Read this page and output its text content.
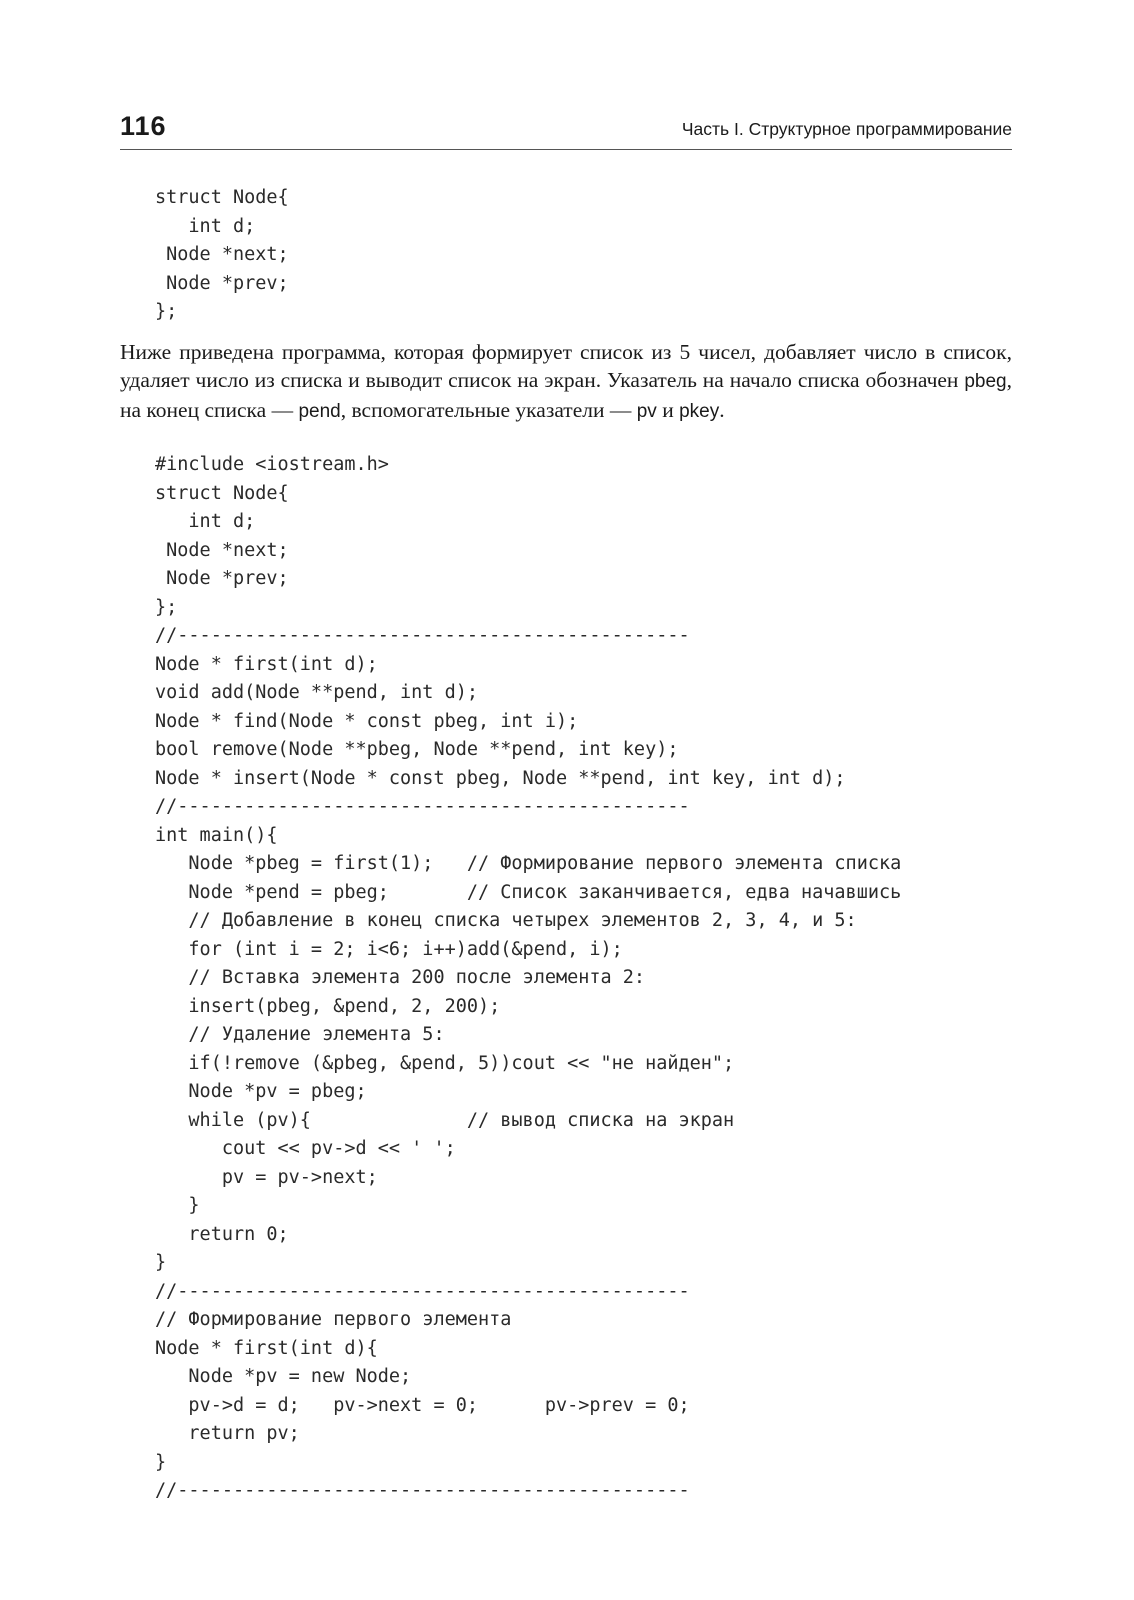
116	Часть I. Структурное программирование
struct Node{
int d;
Node *next;
Node *prev;
};

Ниже приведена программа, которая формирует список из 5 чисел, добавляет число в список, удаляет число из списка и выводит список на экран. Указатель на начало списка обозначен pbeg, на конец списка — pend, вспомогательные указатели — pv и pkey.

#include <iostream.h>
struct Node{
int d;
Node *next;
Node *prev;
};
//----------------------------------------------
Node * first(int d);
void add(Node **pend, int d);
Node * find(Node * const pbeg, int i);
bool remove(Node **pbeg, Node **pend, int key);
Node * insert(Node * const pbeg, Node **pend, int key, int d);
//----------------------------------------------
int main(){
Node *pbeg = first(1);   // Формирование первого элемента списка
Node *pend = pbeg;       // Список заканчивается, едва начавшись
// Добавление в конец списка четырех элементов 2, 3, 4, и 5:
for (int i = 2; i<6; i++)add(&pend, i);
// Вставка элемента 200 после элемента 2:
insert(pbeg, &pend, 2, 200);
// Удаление элемента 5:
if(!remove (&pbeg, &pend, 5))cout << "не найден";
Node *pv = pbeg;
while (pv){              // вывод списка на экран
cout << pv->d << ' ';
pv = pv->next;
}
return 0;
}
//----------------------------------------------
// Формирование первого элемента
Node * first(int d){
Node *pv = new Node;
pv->d = d;   pv->next = 0;      pv->prev = 0;
return pv;
}
//----------------------------------------------
